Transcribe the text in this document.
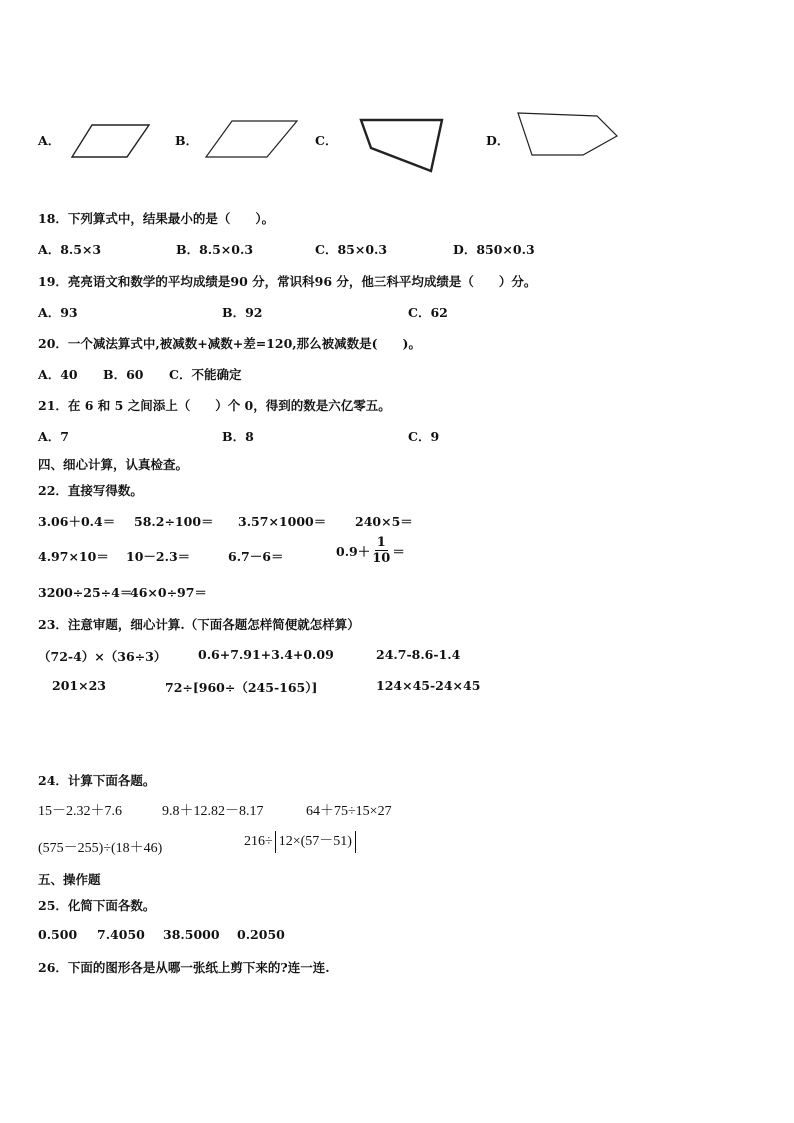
A．	B．	C．	D．
18．下列算式中，结果最小的是（　　）。
A．8.5×3	B．8.5×0.3	C．85×0.3	D．850×0.3
19．亮亮语文和数学的平均成绩是90 分，常识科96 分，他三科平均成绩是（　　）分。
A．93	B．92	C．62
20．一个减法算式中,被减数+减数+差=120,那么被减数是(　　)。
A．40 B．60 C．不能确定
21．在 6 和 5 之间添上（　　）个 0，得到的数是六亿零五。
A．7	B．8	C．9
四、细心计算，认真检查。
22．直接写得数。
3.06＋0.4＝ 58.2÷100＝ 3.57×1000＝ 240×5＝
4.97×10＝ 10－2.3＝	6.7－6＝	$0.9+ \frac{1}{10}$ ＝
3200÷25÷4＝
46×0÷97＝
23．注意审题，细心计算.（下面各题怎样简便就怎样算）
（72-4）×（36÷3）	0.6+7.91+3.4+0.09	24.7-8.6-1.4
201×23	72÷[960÷（245-165）]	124×45-24×45
24．计算下面各题。
15－2.32＋7.6	9.8＋12.82－8.17	64＋75÷15×27
(575－255)÷(18＋46)	216÷ 12×(57－51)
五、操作题
25．化简下面各数。
0.500 7.4050 38.5000 0.2050
26．下面的图形各是从哪一张纸上剪下来的?连一连.
